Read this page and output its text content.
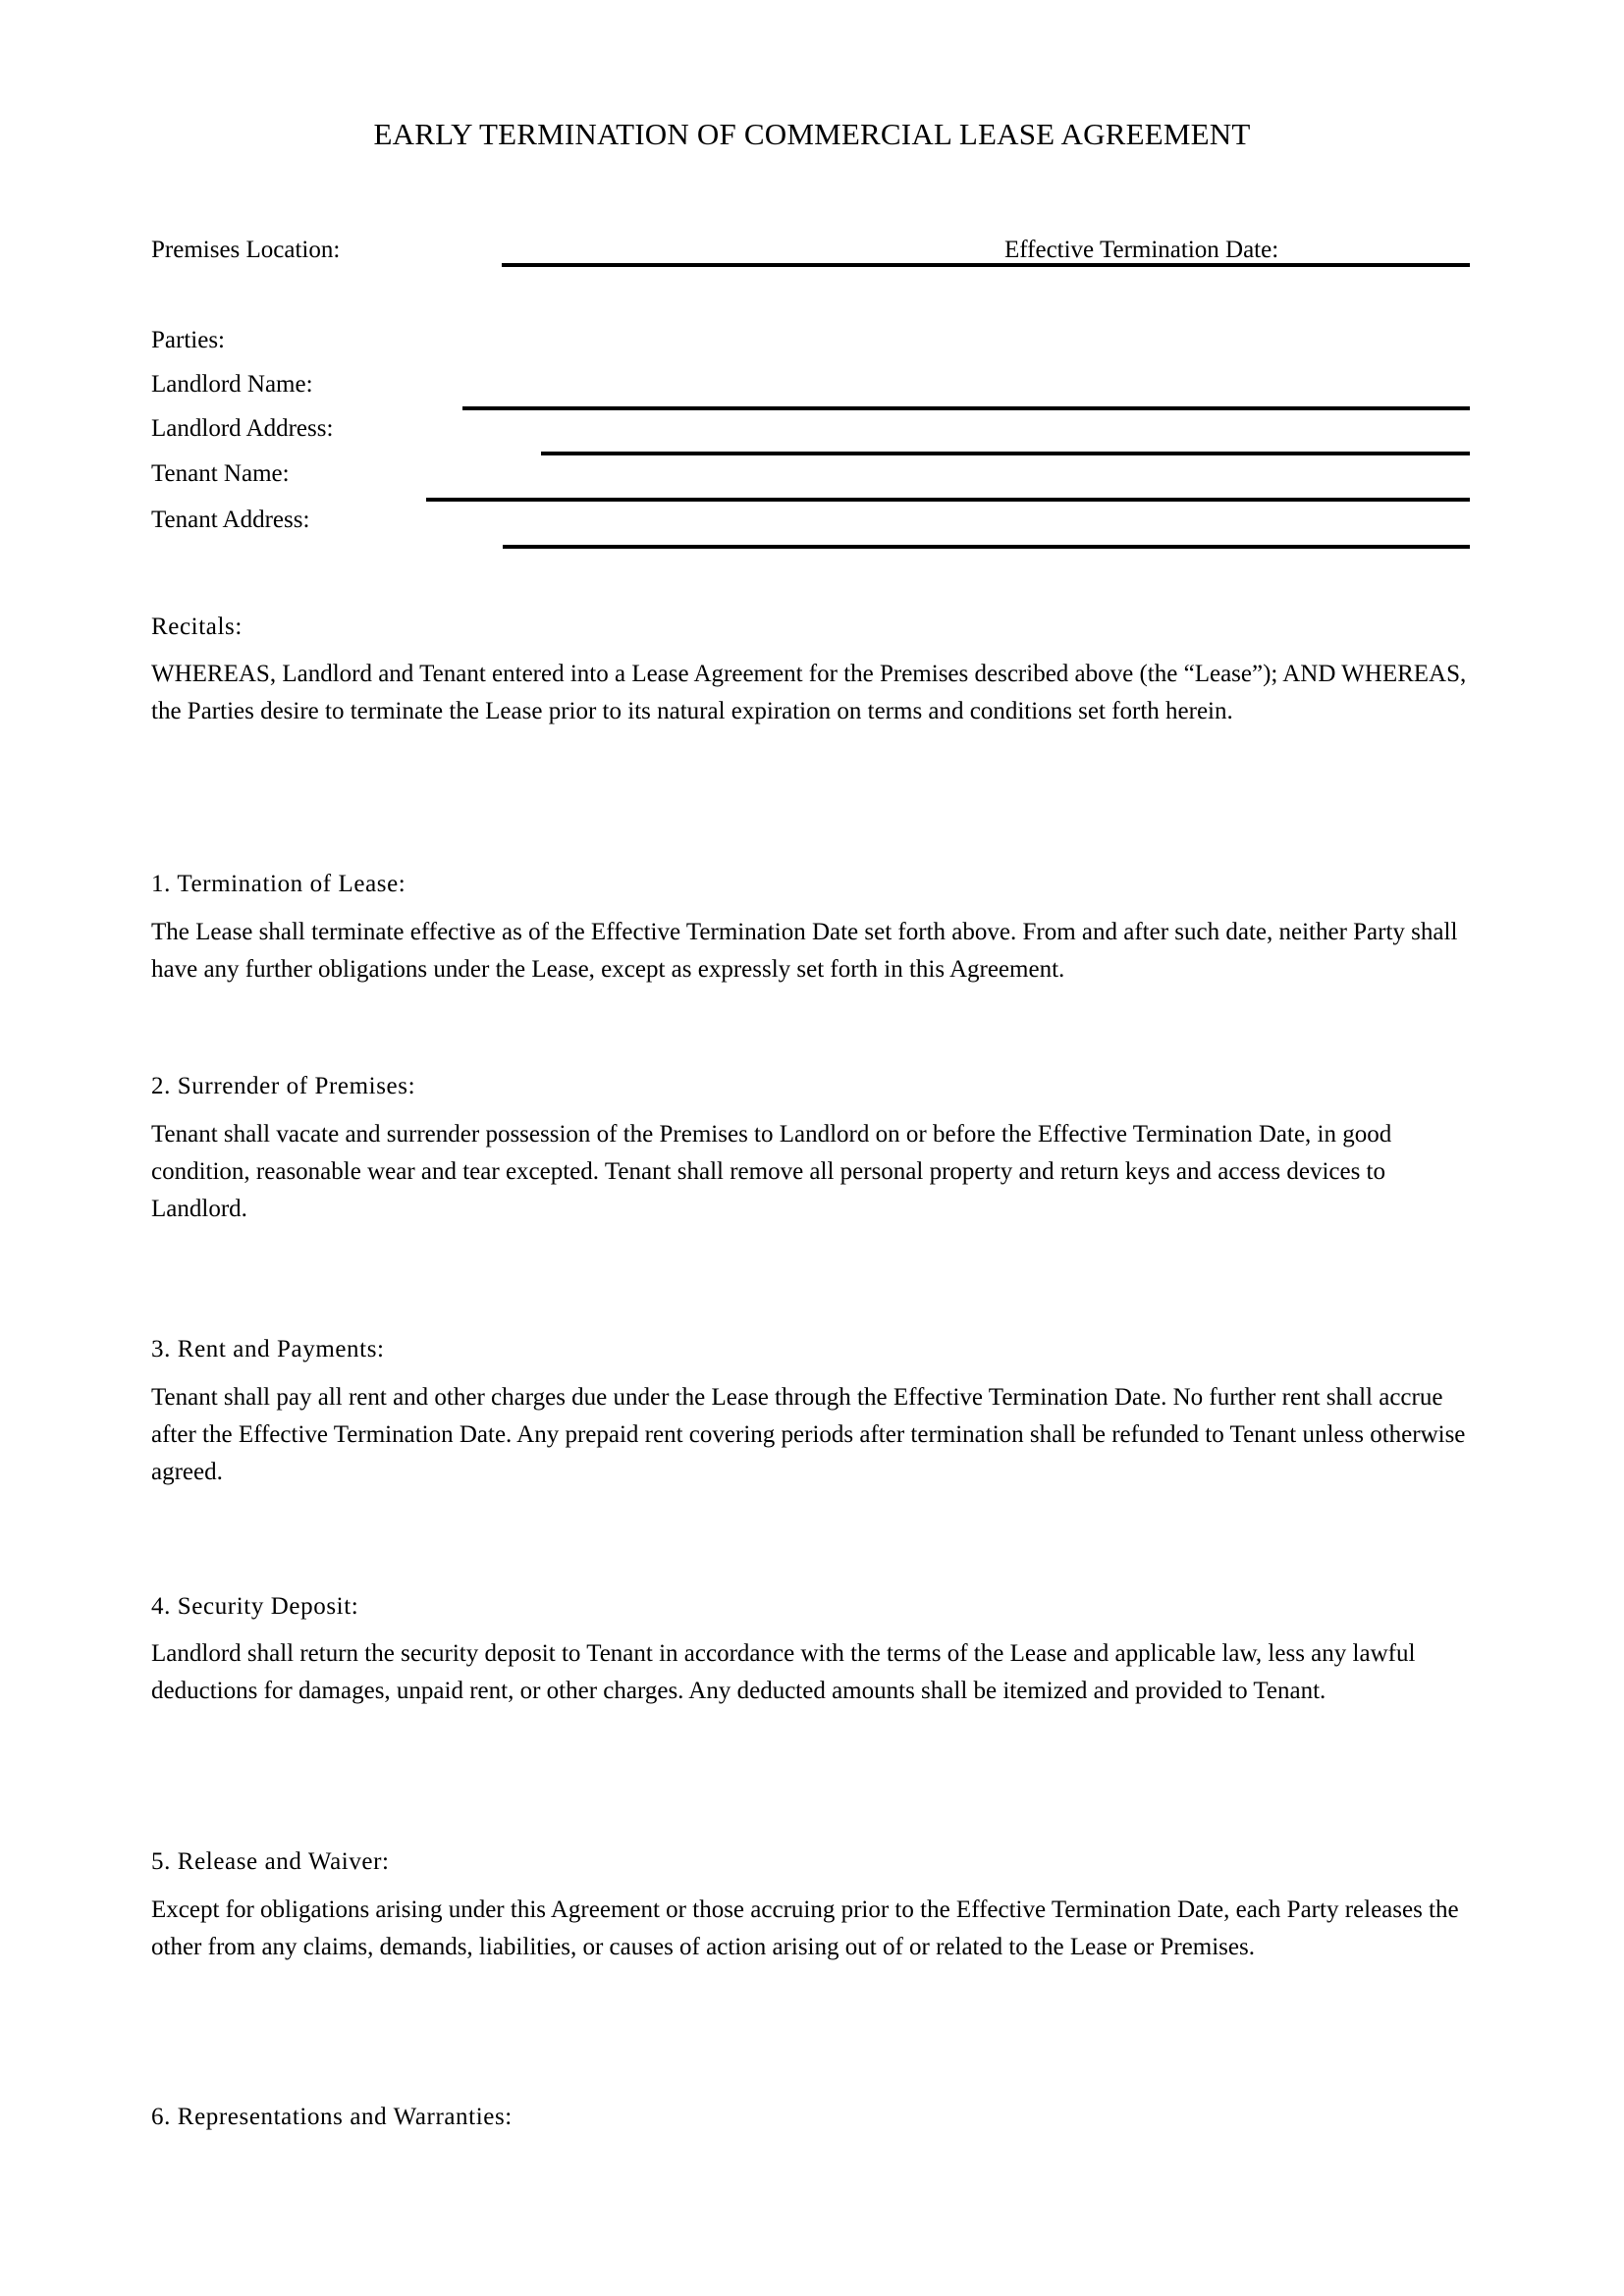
EARLY TERMINATION OF COMMERCIAL LEASE AGREEMENT
Premises Location:	Effective Termination Date:
Parties:
Landlord Name:
Landlord Address:
Tenant Name:
Tenant Address:
Recitals:
WHEREAS, Landlord and Tenant entered into a Lease Agreement for the Premises described above (the “Lease”); AND WHEREAS, the Parties desire to terminate the Lease prior to its natural expiration on terms and conditions set forth herein.
1. Termination of Lease:
The Lease shall terminate effective as of the Effective Termination Date set forth above. From and after such date, neither Party shall have any further obligations under the Lease, except as expressly set forth in this Agreement.
2. Surrender of Premises:
Tenant shall vacate and surrender possession of the Premises to Landlord on or before the Effective Termination Date, in good condition, reasonable wear and tear excepted. Tenant shall remove all personal property and return keys and access devices to Landlord.
3. Rent and Payments:
Tenant shall pay all rent and other charges due under the Lease through the Effective Termination Date. No further rent shall accrue after the Effective Termination Date. Any prepaid rent covering periods after termination shall be refunded to Tenant unless otherwise agreed.
4. Security Deposit:
Landlord shall return the security deposit to Tenant in accordance with the terms of the Lease and applicable law, less any lawful deductions for damages, unpaid rent, or other charges. Any deducted amounts shall be itemized and provided to Tenant.
5. Release and Waiver:
Except for obligations arising under this Agreement or those accruing prior to the Effective Termination Date, each Party releases the other from any claims, demands, liabilities, or causes of action arising out of or related to the Lease or Premises.
6. Representations and Warranties:
